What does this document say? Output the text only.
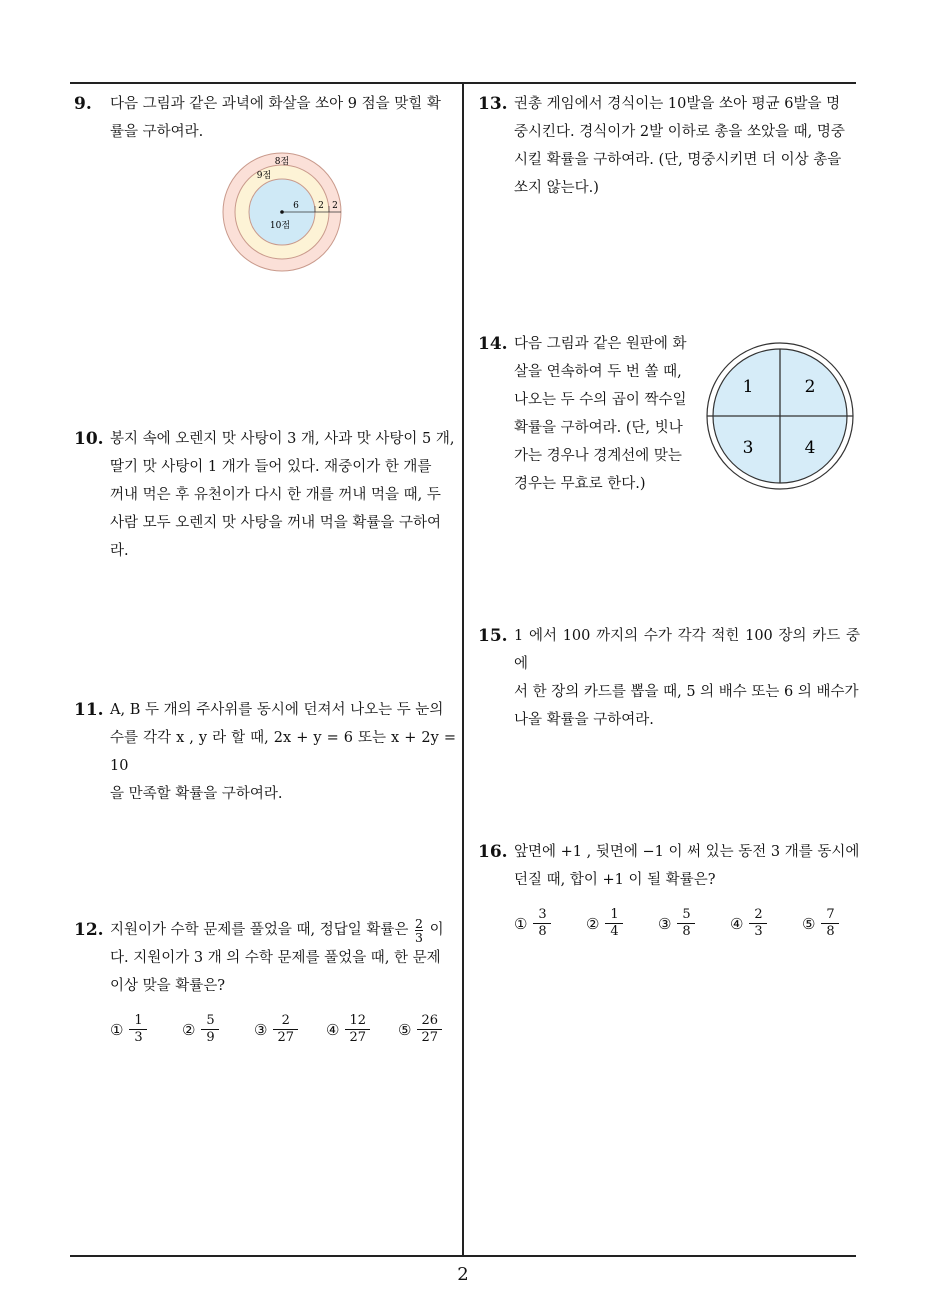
9. 다음 그림과 같은 과녁에 화살을 쏘아 9 점을 맞힐 확

률을 구하여라.

8점
9점
10점
6 2 2
10. 봉지 속에 오렌지 맛 사탕이 3 개, 사과 맛 사탕이 5 개,

딸기 맛 사탕이 1 개가 들어 있다. 재중이가 한 개를

꺼내 먹은 후 유천이가 다시 한 개를 꺼내 먹을 때, 두

사람 모두 오렌지 맛 사탕을 꺼내 먹을 확률을 구하여

라.

11. A, B 두 개의 주사위를 동시에 던져서 나오는 두 눈의

수를 각각 x , y 라 할 때, 2x + y = 6 또는 x + 2y = 10

을 만족할 확률을 구하여라.

12. 지원이가 수학 문제를 풀었을 때, 정답일 확률은 $\frac{2}{3}$ 이

다. 지원이가 3 개 의 수학 문제를 풀었을 때, 한 문제

이상 맞을 확률은?

① $\frac{1}{3}$ ② $\frac{5}{9}$ ③ $\frac{2}{27}$ ④ $\frac{12}{27}$ ⑤ $\frac{26}{27}$
13. 권총 게임에서 경식이는 10발을 쏘아 평균 6발을 명

중시킨다. 경식이가 2발 이하로 총을 쏘았을 때, 명중

시킬 확률을 구하여라. (단, 명중시키면 더 이상 총을

쏘지 않는다.)

14. 다음 그림과 같은 원판에 화

살을 연속하여 두 번 쏠 때,

나오는 두 수의 곱이 짝수일

확률을 구하여라. (단, 빗나

가는 경우나 경계선에 맞는

경우는 무효로 한다.)

1	2
3	4
15. 1 에서 100 까지의 수가 각각 적힌 100 장의 카드 중에

서 한 장의 카드를 뽑을 때, 5 의 배수 또는 6 의 배수가

나올 확률을 구하여라.

16. 앞면에 +1 , 뒷면에 −1 이 써 있는 동전 3 개를 동시에

던질 때, 합이 +1 이 될 확률은?

① $\frac{3}{8}$ ② $\frac{1}{4}$ ③ $\frac{5}{8}$ ④ $\frac{2}{3}$ ⑤ $\frac{7}{8}$
2
